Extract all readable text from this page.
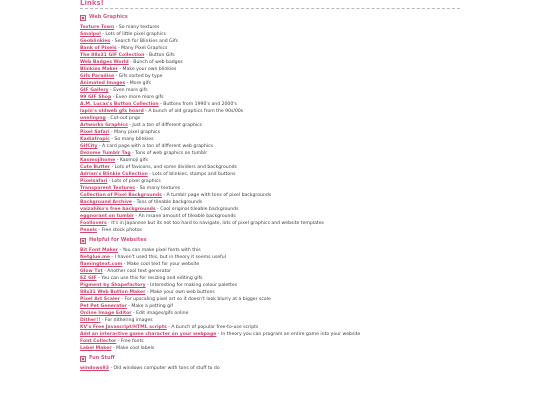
Links!
Web Graphics
Texture Town - So many textures
Smalpol - Lots of little pixel graphics
Geoblinkies - Search for Blinkies and Gifs
Bank of Pixels - Many Pixel Graphics
The 88x31 GIF Collection - Button Gifs
Web Badges World - Bunch of web badges
Blinkies Maker - Make your own blinkies
Gifs Paradise - Gifs sorted by type
Animated Images - More gifs
GIF Gallery - Even more gifs
99 GIF Shop - Even more more gifs
A.M. Lucas's Button Collection - Buttons from 1990's and 2000's
lapin's oldweb gfx hoard - A bunch of old graphics from the 90s/00s
onelinpng - Cut-out pngs
Artworks Graphics - Just a ton of different graphics
Pixel Safari - Many pixel graphics
Kadiatropic - So many blinkies
GifCity - A card page with a ton of different web graphics
Dezome Tumblr Tag - Tons of web graphics on tumblr
Kaomojihome - Kaomoji gifs
Cute Butter - Lots of favicons, and some dividers and backgrounds
Adrian's Blinkie Collection - Lots of blinkies, stamps and buttons
Pixelsafari - Lots of pixel graphics
Transparent Textures - So many textures
Collection of Pixel Backgrounds - A tumblr page with tons of pixel backgrounds
Background Archive - Tons of tileable backgrounds
vaizahiko's free backgrounds - Cool original tileable backgrounds
eggnorant on tumblr - An insane amount of tileable backgrounds
Foollovers - It's in Japanese but its not too hard to navigate, lots of pixel graphics and website templates
Pexels - Free stock photos
Helpful for Websites
Bit Font Maker - You can make pixel fonts with this
Netglue.me - I haven't used this, but in theory it seems useful
flamingtext.com - Make cool text for your website
Glow Txt - Another cool text generator
EZ GIF - You can use this for resizing and editing gifs
Pigment by Shapefactory - Interesting for making colour palettes
88x31 Web Button Maker - Make your own web buttons
Pixel Art Scaler - For upscaling pixel art so it doesn't look blurry at a bigger scale
Pet Pet Generator - Make a petting gif
Online Image Editor - Edit images/gifs online
Dither!! - For dithering images
KV's Free Javascript/HTML scripts - A bunch of popular free-to-use scripts
Add an interactive game character on your webpage - In theory you can program an entire game into your website
Font Collector - Free fonts
Label Maker - Make cool labels
Fun Stuff
windows93 - Old windows computer with tons of stuff to do
